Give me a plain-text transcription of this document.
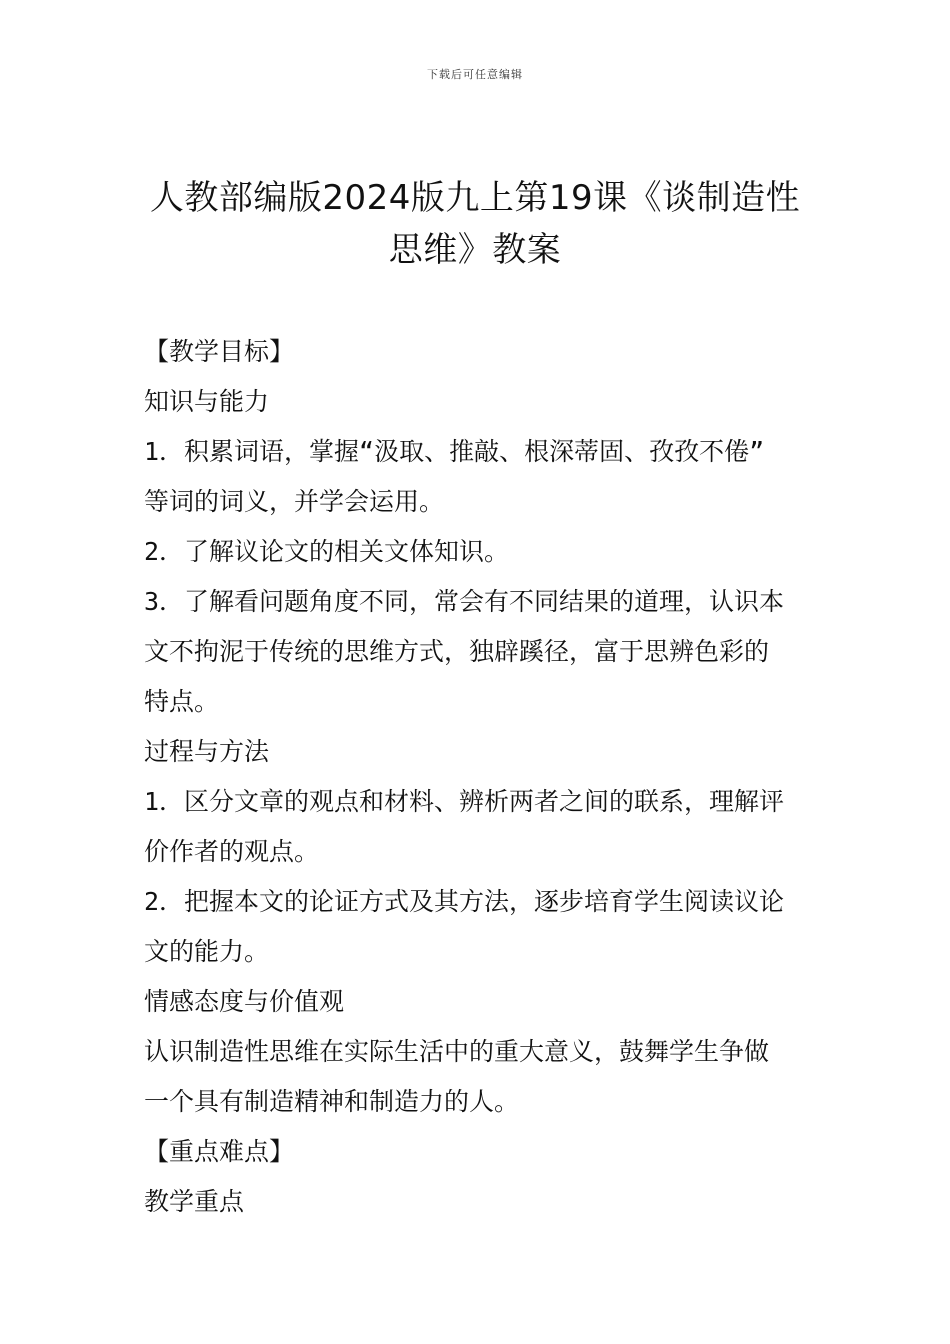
下载后可任意编辑
人教部编版2024版九上第19课《谈制造性
思维》教案
【教学目标】
知识与能力
1．积累词语，掌握“汲取、推敲、根深蒂固、孜孜不倦”
等词的词义，并学会运用。
2．了解议论文的相关文体知识。
3．了解看问题角度不同，常会有不同结果的道理，认识本
文不拘泥于传统的思维方式，独辟蹊径，富于思辨色彩的
特点。
过程与方法
1．区分文章的观点和材料、辨析两者之间的联系，理解评
价作者的观点。
2．把握本文的论证方式及其方法，逐步培育学生阅读议论
文的能力。
情感态度与价值观
认识制造性思维在实际生活中的重大意义，鼓舞学生争做
一个具有制造精神和制造力的人。
【重点难点】
教学重点
